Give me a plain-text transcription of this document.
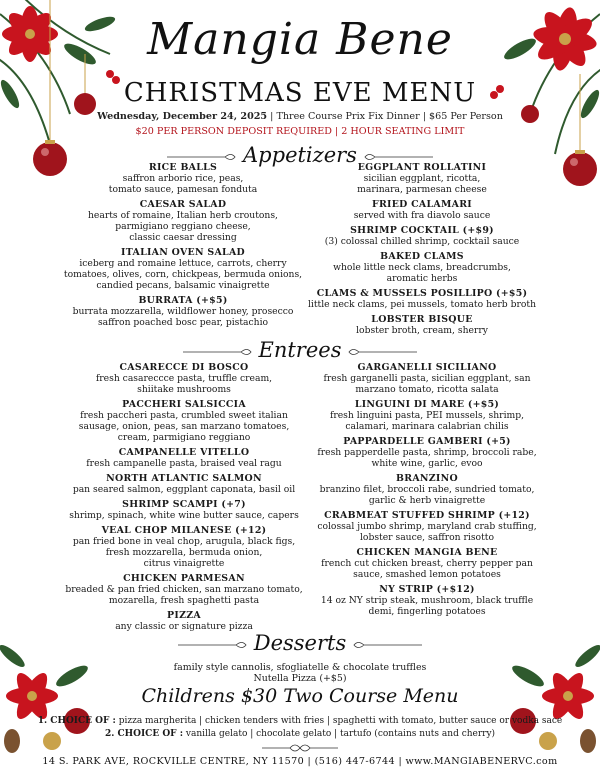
Mangia Bene
CHRISTMAS EVE MENU
Wednesday, December 24, 2025 | Three Course Prix Fix Dinner | $65 Per Person
$20 PER PERSON DEPOSIT REQUIRED | 2 HOUR SEATING LIMIT
Appetizers
RICE BALLS
saffron arborio rice, peas,
tomato sauce, pamesan fonduta
CAESAR SALAD
hearts of romaine, Italian herb croutons,
parmigiano reggiano cheese,
classic caesar dressing
ITALIAN OVEN SALAD
iceberg and romaine lettuce, carrots, cherry
tomatoes, olives, corn, chickpeas, bermuda onions,
candied pecans, balsamic vinaigrette
BURRATA (+$5)
burrata mozzarella, wildflower honey, prosecco
saffron poached bosc pear, pistachio
EGGPLANT ROLLATINI
sicilian eggplant, ricotta,
marinara, parmesan cheese
FRIED CALAMARI
served with fra diavolo sauce
SHRIMP COCKTAIL (+$9)
(3) colossal chilled shrimp, cocktail sauce
BAKED CLAMS
whole little neck clams, breadcrumbs,
aromatic herbs
CLAMS & MUSSELS POSILLIPO (+$5)
little neck clams, pei mussels, tomato herb broth
LOBSTER BISQUE
lobster broth, cream, sherry
Entrees
CASARECCE DI BOSCO
fresh casareccce pasta, truffle cream,
shiitake mushrooms
PACCHERI SALSICCIA
fresh paccheri pasta, crumbled sweet italian
sausage, onion, peas, san marzano tomatoes,
cream, parmigiano reggiano
CAMPANELLE VITELLO
fresh campanelle pasta, braised veal ragu
NORTH ATLANTIC SALMON
pan seared salmon, eggplant caponata, basil oil
SHRIMP SCAMPI (+7)
shrimp, spinach, white wine butter sauce, capers
VEAL CHOP MILANESE (+12)
pan fried bone in veal chop, arugula, black figs,
fresh mozzarella, bermuda onion,
citrus vinaigrette
CHICKEN PARMESAN
breaded & pan fried chicken, san marzano tomato,
mozarella, fresh spaghetti pasta
PIZZA
any classic or signature pizza
GARGANELLI SICILIANO
fresh garganelli pasta, sicilian eggplant, san
marzano tomato, ricotta salata
LINGUINI DI MARE (+$5)
fresh linguini pasta, PEI mussels, shrimp,
calamari, marinara calabrian chilis
PAPPARDELLE GAMBERI (+5)
fresh papperdelle pasta, shrimp, broccoli rabe,
white wine, garlic, evoo
BRANZINO
branzino filet, broccoli rabe, sundried tomato,
garlic & herb vinaigrette
CRABMEAT STUFFED SHRIMP (+12)
colossal jumbo shrimp, maryland crab stuffing,
lobster sauce, saffron risotto
CHICKEN MANGIA BENE
french cut chicken breast, cherry pepper pan
sauce, smashed lemon potatoes
NY STRIP (+$12)
14 oz NY strip steak, mushroom, black truffle
demi, fingerling potatoes
Desserts
family style cannolis, sfogliatelle & chocolate truffles
Nutella Pizza (+$5)
Childrens $30 Two Course Menu
1. CHOICE OF : pizza margherita | chicken tenders with fries | spaghetti with tomato, butter sauce or vodka sace
2. CHOICE OF : vanilla gelato | chocolate gelato | tartufo (contains nuts and cherry)
14 S. PARK AVE, ROCKVILLE CENTRE, NY 11570 | (516) 447-6744 | www.MANGIABENERVC.com
